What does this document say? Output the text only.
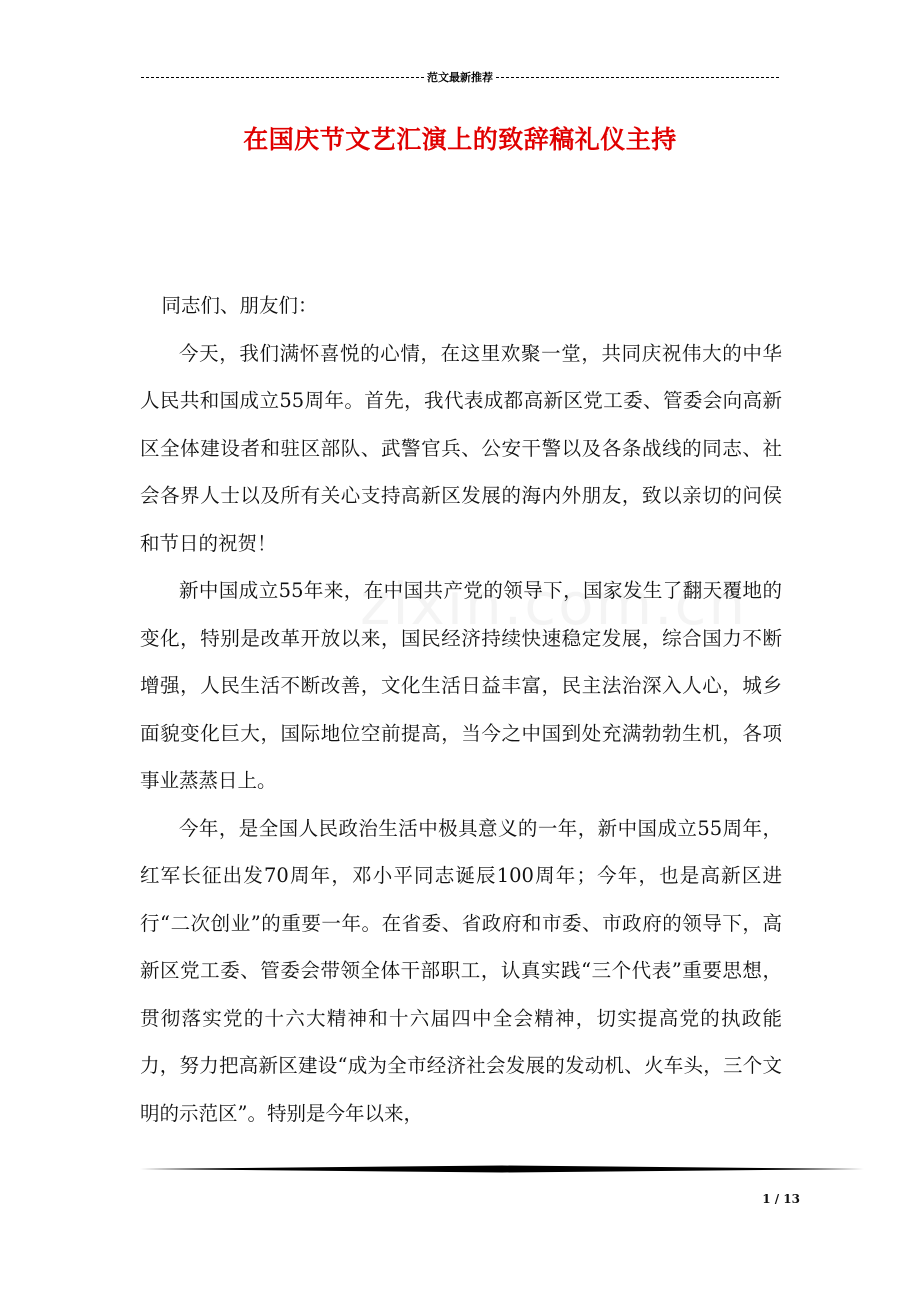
范文最新推荐
在国庆节文艺汇演上的致辞稿礼仪主持

同志们、朋友们：

今天，我们满怀喜悦的心情，在这里欢聚一堂，共同庆祝伟大的中华人民共和国成立55周年。首先，我代表成都高新区党工委、管委会向高新区全体建设者和驻区部队、武警官兵、公安干警以及各条战线的同志、社会各界人士以及所有关心支持高新区发展的海内外朋友，致以亲切的问侯和节日的祝贺！

新中国成立55年来，在中国共产党的领导下，国家发生了翻天覆地的变化，特别是改革开放以来，国民经济持续快速稳定发展，综合国力不断增强，人民生活不断改善，文化生活日益丰富，民主法治深入人心，城乡面貌变化巨大，国际地位空前提高，当今之中国到处充满勃勃生机，各项事业蒸蒸日上。

今年，是全国人民政治生活中极具意义的一年，新中国成立55周年，红军长征出发70周年，邓小平同志诞辰100周年；今年，也是高新区进行“二次创业”的重要一年。在省委、省政府和市委、市政府的领导下，高新区党工委、管委会带领全体干部职工，认真实践“三个代表”重要思想，贯彻落实党的十六大精神和十六届四中全会精神，切实提高党的执政能力，努力把高新区建设“成为全市经济社会发展的发动机、火车头，三个文明的示范区”。特别是今年以来，

1 / 13
